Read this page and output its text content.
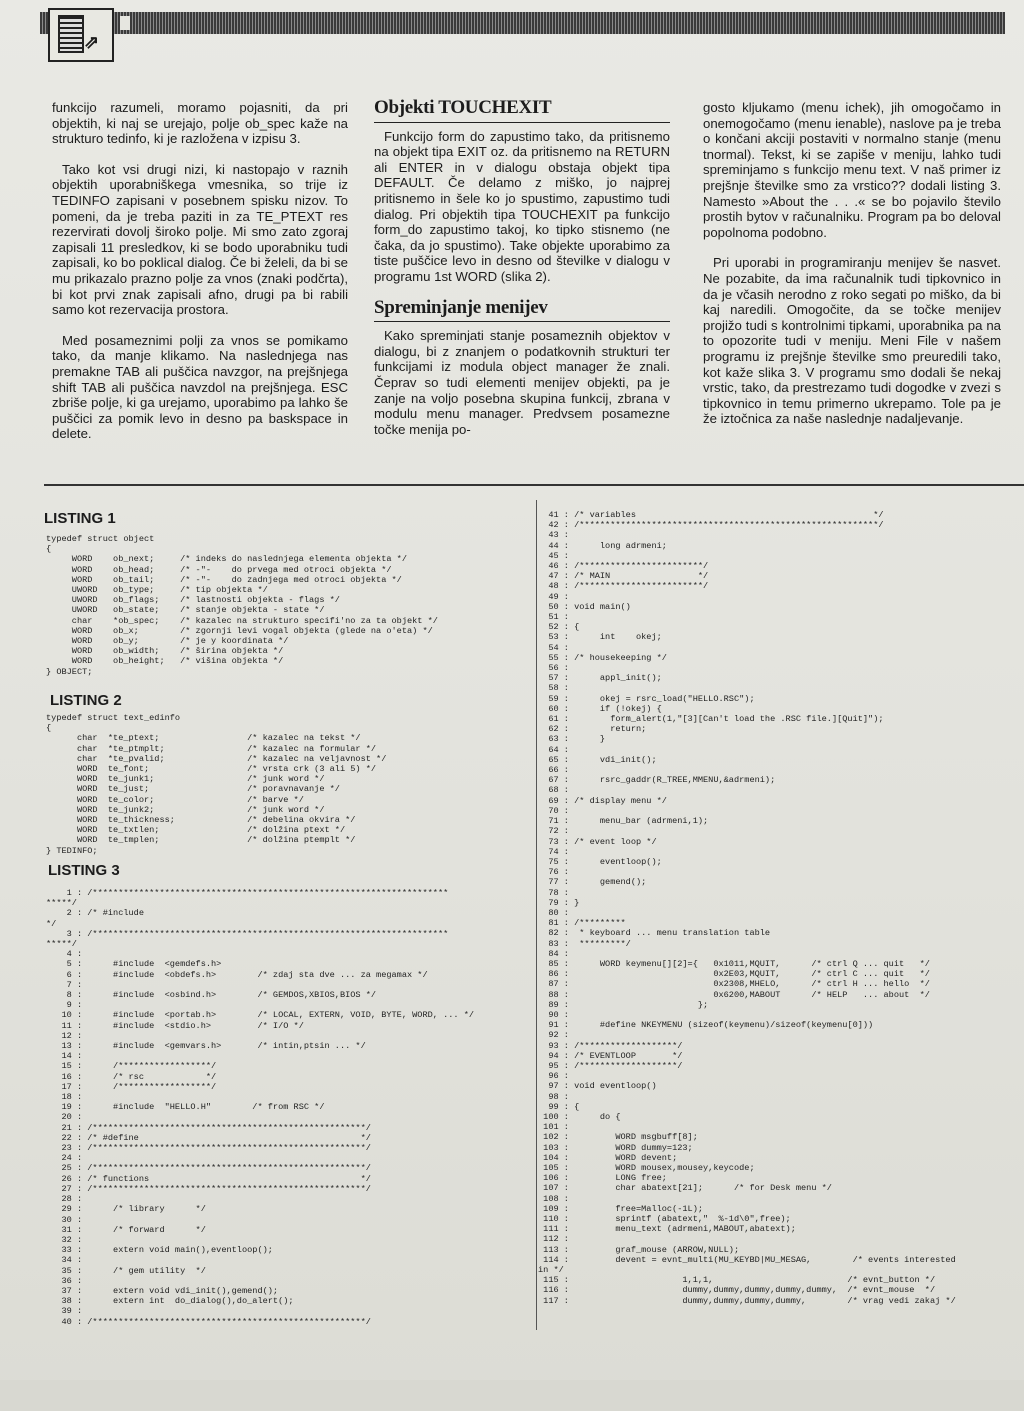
⇗

funkcijo razumeli, moramo pojasniti, da pri objektih, ki naj se urejajo, polje ob_spec kaže na strukturo tedinfo, ki je razložena v izpisu 3.

Tako kot vsi drugi nizi, ki nastopajo v raznih objektih uporabniškega vmesnika, so trije iz TEDINFO zapisani v posebnem spisku nizov. To pomeni, da je treba paziti in za TE_PTEXT res rezervirati dovolj široko polje. Mi smo zato zgoraj zapisali 11 presledkov, ki se bodo uporabniku tudi zapisali, ko bo poklical dialog. Če bi želeli, da bi se mu prikazalo prazno polje za vnos (znaki podčrta), bi kot prvi znak zapisali afno, drugi pa bi rabili samo kot rezervacija prostora.

Med posameznimi polji za vnos se pomikamo tako, da manje klikamo. Na naslednjega nas premakne TAB ali puščica navzgor, na prejšnjega shift TAB ali puščica navzdol na prejšnjega. ESC zbriše polje, ki ga urejamo, uporabimo pa lahko še puščici za pomik levo in desno pa baskspace in delete.

Objekti TOUCHEXIT

Funkcijo form do zapustimo tako, da pritisnemo na objekt tipa EXIT oz. da pritisnemo na RETURN ali ENTER in v dialogu obstaja objekt tipa DEFAULT. Če delamo z miško, jo najprej pritisnemo in šele ko jo spustimo, zapustimo tudi dialog. Pri objektih tipa TOUCHEXIT pa funkcijo form_do zapustimo takoj, ko tipko stisnemo (ne čaka, da jo spustimo). Take objekte uporabimo za tiste puščice levo in desno od številke v dialogu v programu 1st WORD (slika 2).

Spreminjanje menijev

Kako spreminjati stanje posameznih objektov v dialogu, bi z znanjem o podatkovnih strukturi ter funkcijami iz modula object manager že znali. Čeprav so tudi elementi menijev objekti, pa je zanje na voljo posebna skupina funkcij, zbrana v modulu menu manager. Predvsem posamezne točke menija po-

gosto kljukamo (menu ichek), jih omogočamo in onemogočamo (menu ienable), naslove pa je treba o končani akciji postaviti v normalno stanje (menu tnormal). Tekst, ki se zapiše v meniju, lahko tudi spreminjamo s funkcijo menu text. V naš primer iz prejšnje številke smo za vrstico?? dodali listing 3. Namesto »About the . . .« se bo pojavilo število prostih bytov v računalniku. Program pa bo deloval popolnoma podobno.

Pri uporabi in programiranju menijev še nasvet. Ne pozabite, da ima računalnik tudi tipkovnico in da je včasih nerodno z roko segati po miško, da bi kaj naredili. Omogočite, da se točke menijev projižo tudi s kontrolnimi tipkami, uporabnika pa na to opozorite tudi v meniju. Meni File v našem programu iz prejšnje številke smo preuredili tako, kot kaže slika 3. V programu smo dodali še nekaj vrstic, tako, da prestrezamo tudi dogodke v zvezi s tipkovnico in temu primerno ukrepamo. Tole pa je že iztočnica za naše naslednje nadaljevanje.

LISTING 1
typedef struct object
{
WORD    ob_next;     /* indeks do naslednjega elementa objekta */
WORD    ob_head;     /* -"-    do prvega med otroci objekta */
WORD    ob_tail;     /* -"-    do zadnjega med otroci objekta */
UWORD   ob_type;     /* tip objekta */
UWORD   ob_flags;    /* lastnosti objekta - flags */
UWORD   ob_state;    /* stanje objekta - state */
char    *ob_spec;    /* kazalec na strukturo specifi'no za ta objekt */
WORD    ob_x;        /* zgornji levi vogal objekta (glede na o'eta) */
WORD    ob_y;        /* je y koordinata */
WORD    ob_width;    /* širina objekta */
WORD    ob_height;   /* višina objekta */
} OBJECT;
LISTING 2
typedef struct text_edinfo
{
char  *te_ptext;                 /* kazalec na tekst */
char  *te_ptmplt;                /* kazalec na formular */
char  *te_pvalid;                /* kazalec na veljavnost */
WORD  te_font;                   /* vrsta crk (3 ali 5) */
WORD  te_junk1;                  /* junk word */
WORD  te_just;                   /* poravnavanje */
WORD  te_color;                  /* barve */
WORD  te_junk2;                  /* junk word */
WORD  te_thickness;              /* debelina okvira */
WORD  te_txtlen;                 /* dolžina ptext */
WORD  te_tmplen;                 /* dolžina ptemplt */
} TEDINFO;
LISTING 3
1 : /*********************************************************************
*****/
2 : /* #include
*/
3 : /*********************************************************************
*****/
4 :
5 :      #include  <gemdefs.h>
6 :      #include  <obdefs.h>        /* zdaj sta dve ... za megamax */
7 :
8 :      #include  <osbind.h>        /* GEMDOS,XBIOS,BIOS */
9 :
10 :      #include  <portab.h>        /* LOCAL, EXTERN, VOID, BYTE, WORD, ... */
11 :      #include  <stdio.h>         /* I/O */
12 :
13 :      #include  <gemvars.h>       /* intin,ptsin ... */
14 :
15 :      /******************/
16 :      /* rsc            */
17 :      /******************/
18 :
19 :      #include  "HELLO.H"        /* from RSC */
20 :
21 : /*****************************************************/
22 : /* #define                                           */
23 : /*****************************************************/
24 :
25 : /*****************************************************/
26 : /* functions                                         */
27 : /*****************************************************/
28 :
29 :      /* library      */
30 :
31 :      /* forward      */
32 :
33 :      extern void main(),eventloop();
34 :
35 :      /* gem utility  */
36 :
37 :      extern void vdi_init(),gemend();
38 :      extern int  do_dialog(),do_alert();
39 :
40 : /*****************************************************/
41 : /* variables                                              */
42 : /**********************************************************/
43 :
44 :      long adrmeni;
45 :
46 : /************************/
47 : /* MAIN                 */
48 : /************************/
49 :
50 : void main()
51 :
52 : {
53 :      int    okej;
54 :
55 : /* housekeeping */
56 :
57 :      appl_init();
58 :
59 :      okej = rsrc_load("HELLO.RSC");
60 :      if (!okej) {
61 :        form_alert(1,"[3][Can't load the .RSC file.][Quit]");
62 :        return;
63 :      }
64 :
65 :      vdi_init();
66 :
67 :      rsrc_gaddr(R_TREE,MMENU,&adrmeni);
68 :
69 : /* display menu */
70 :
71 :      menu_bar (adrmeni,1);
72 :
73 : /* event loop */
74 :
75 :      eventloop();
76 :
77 :      gemend();
78 :
79 : }
80 :
81 : /*********
82 :  * keyboard ... menu translation table
83 :  *********/
84 :
85 :      WORD keymenu[][2]={   0x1011,MQUIT,      /* ctrl Q ... quit   */
86 :                            0x2E03,MQUIT,      /* ctrl C ... quit   */
87 :                            0x2308,MHELO,      /* ctrl H ... hello  */
88 :                            0x6200,MABOUT      /* HELP   ... about  */
89 :                         };
90 :
91 :      #define NKEYMENU (sizeof(keymenu)/sizeof(keymenu[0]))
92 :
93 : /*******************/
94 : /* EVENTLOOP       */
95 : /*******************/
96 :
97 : void eventloop()
98 :
99 : {
100 :      do {
101 :
102 :         WORD msgbuff[8];
103 :         WORD dummy=123;
104 :         WORD devent;
105 :         WORD mousex,mousey,keycode;
106 :         LONG free;
107 :         char abatext[21];      /* for Desk menu */
108 :
109 :         free=Malloc(-1L);
110 :         sprintf (abatext,"  %-1d\0",free);
111 :         menu_text (adrmeni,MABOUT,abatext);
112 :
113 :         graf_mouse (ARROW,NULL);
114 :         devent = evnt_multi(MU_KEYBD|MU_MESAG,        /* events interested
in */
115 :                      1,1,1,                          /* evnt_button */
116 :                      dummy,dummy,dummy,dummy,dummy,  /* evnt_mouse  */
117 :                      dummy,dummy,dummy,dummy,        /* vrag vedi zakaj */
